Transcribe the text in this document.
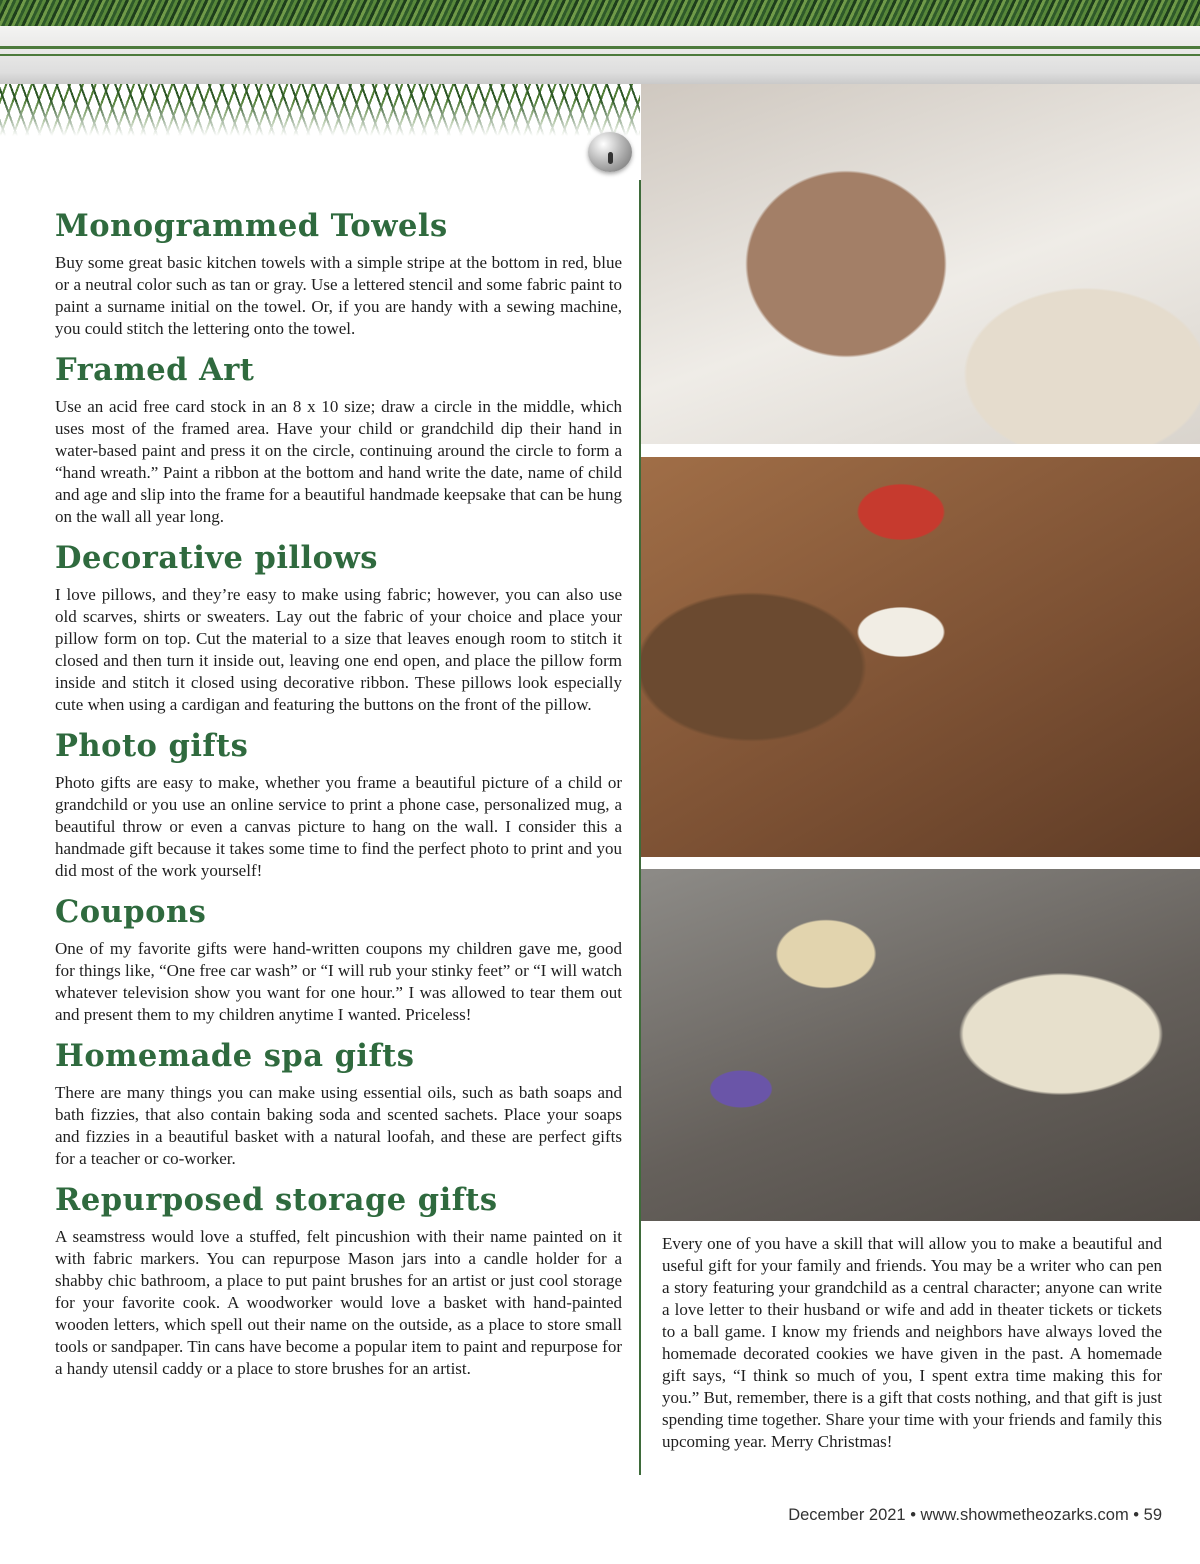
Monogrammed Towels

Buy some great basic kitchen towels with a simple stripe at the bottom in red, blue or a neutral color such as tan or gray. Use a lettered stencil and some fabric paint to paint a surname initial on the towel. Or, if you are handy with a sewing machine, you could stitch the lettering onto the towel.

Framed Art

Use an acid free card stock in an 8 x 10 size; draw a circle in the middle, which uses most of the framed area. Have your child or grandchild dip their hand in water-based paint and press it on the circle, continuing around the circle to form a “hand wreath.” Paint a ribbon at the bottom and hand write the date, name of child and age and slip into the frame for a beautiful handmade keepsake that can be hung on the wall all year long.

Decorative pillows

I love pillows, and they’re easy to make using fabric; however, you can also use old scarves, shirts or sweaters. Lay out the fabric of your choice and place your pillow form on top. Cut the material to a size that leaves enough room to stitch it closed and then turn it inside out, leaving one end open, and place the pillow form inside and stitch it closed using decorative ribbon. These pillows look especially cute when using a cardigan and featuring the buttons on the front of the pillow.

Photo gifts

Photo gifts are easy to make, whether you frame a beautiful picture of a child or grandchild or you use an online service to print a phone case, personalized mug, a beautiful throw or even a canvas picture to hang on the wall. I consider this a handmade gift because it takes some time to find the perfect photo to print and you did most of the work yourself!

Coupons

One of my favorite gifts were hand-written coupons my children gave me, good for things like, “One free car wash” or “I will rub your stinky feet” or “I will watch whatever television show you want for one hour.” I was allowed to tear them out and present them to my children anytime I wanted. Priceless!

Homemade spa gifts

There are many things you can make using essential oils, such as bath soaps and bath fizzies, that also contain baking soda and scented sachets. Place your soaps and fizzies in a beautiful basket with a natural loofah, and these are perfect gifts for a teacher or co-worker.

Repurposed storage gifts

A seamstress would love a stuffed, felt pincushion with their name painted on it with fabric markers. You can repurpose Mason jars into a candle holder for a shabby chic bathroom, a place to put paint brushes for an artist or just cool storage for your favorite cook. A woodworker would love a basket with hand-painted wooden letters, which spell out their name on the outside, as a place to store small tools or sandpaper. Tin cans have become a popular item to paint and repurpose for a handy utensil caddy or a place to store brushes for an artist.

Every one of you have a skill that will allow you to make a beautiful and useful gift for your family and friends. You may be a writer who can pen a story featuring your grandchild as a central character; anyone can write a love letter to their husband or wife and add in theater tickets or tickets to a ball game. I know my friends and neighbors have always loved the homemade decorated cookies we have given in the past. A homemade gift says, “I think so much of you, I spent extra time making this for you.” But, remember, there is a gift that costs nothing, and that gift is just spending time together. Share your time with your friends and family this upcoming year. Merry Christmas!

December 2021 • www.showmetheozarks.com • 59
